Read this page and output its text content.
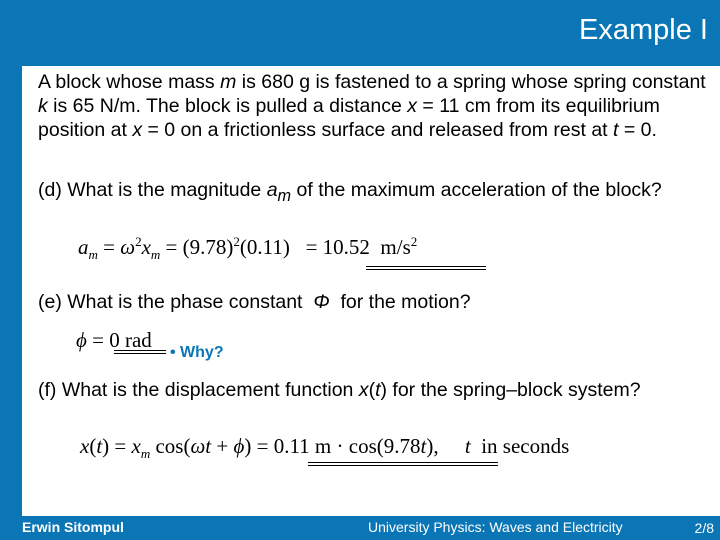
Example I
A block whose mass m is 680 g is fastened to a spring whose spring constant k is 65 N/m. The block is pulled a distance x = 11 cm from its equilibrium position at x = 0 on a frictionless surface and released from rest at t = 0.
(d) What is the magnitude $a_m$ of the maximum acceleration of the block?
$a_m = \omega^2x_m = (9.78)^2(0.11) = 10.52$  $m/s^2$
(e) What is the phase constant  Φ  for the motion?
ϕ = 0 rad
• Why?
(f) What is the displacement function x(t) for the spring–block system?
$x(t) = x_m$ cos(ωt + ϕ) = 0.11 m · cos(9.78t),     t  in seconds
Erwin Sitompul	University Physics: Waves and Electricity	2/8
